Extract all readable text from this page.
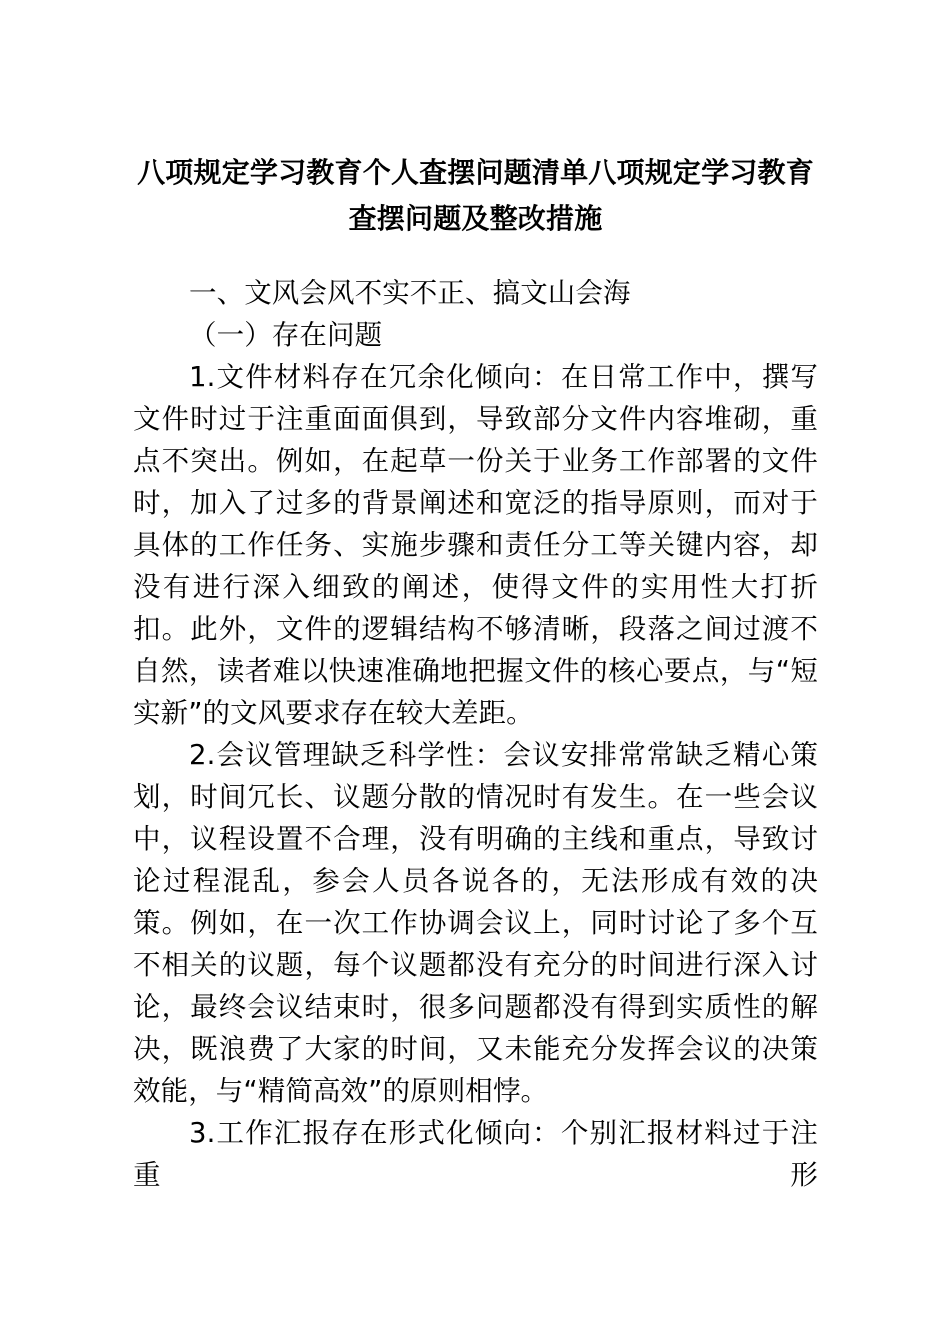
八项规定学习教育个人查摆问题清单八项规定学习教育查摆问题及整改措施

一、文风会风不实不正、搞文山会海

（一）存在问题

1.文件材料存在冗余化倾向：在日常工作中，撰写文件时过于注重面面俱到，导致部分文件内容堆砌，重点不突出。例如，在起草一份关于业务工作部署的文件时，加入了过多的背景阐述和宽泛的指导原则，而对于具体的工作任务、实施步骤和责任分工等关键内容，却没有进行深入细致的阐述，使得文件的实用性大打折扣。此外，文件的逻辑结构不够清晰，段落之间过渡不自然，读者难以快速准确地把握文件的核心要点，与“短实新”的文风要求存在较大差距。

2.会议管理缺乏科学性：会议安排常常缺乏精心策划，时间冗长、议题分散的情况时有发生。在一些会议中，议程设置不合理，没有明确的主线和重点，导致讨论过程混乱，参会人员各说各的，无法形成有效的决策。例如，在一次工作协调会议上，同时讨论了多个互不相关的议题，每个议题都没有充分的时间进行深入讨论，最终会议结束时，很多问题都没有得到实质性的解决，既浪费了大家的时间，又未能充分发挥会议的决策效能，与“精简高效”的原则相悖。

3.工作汇报存在形式化倾向：个别汇报材料过于注重形
